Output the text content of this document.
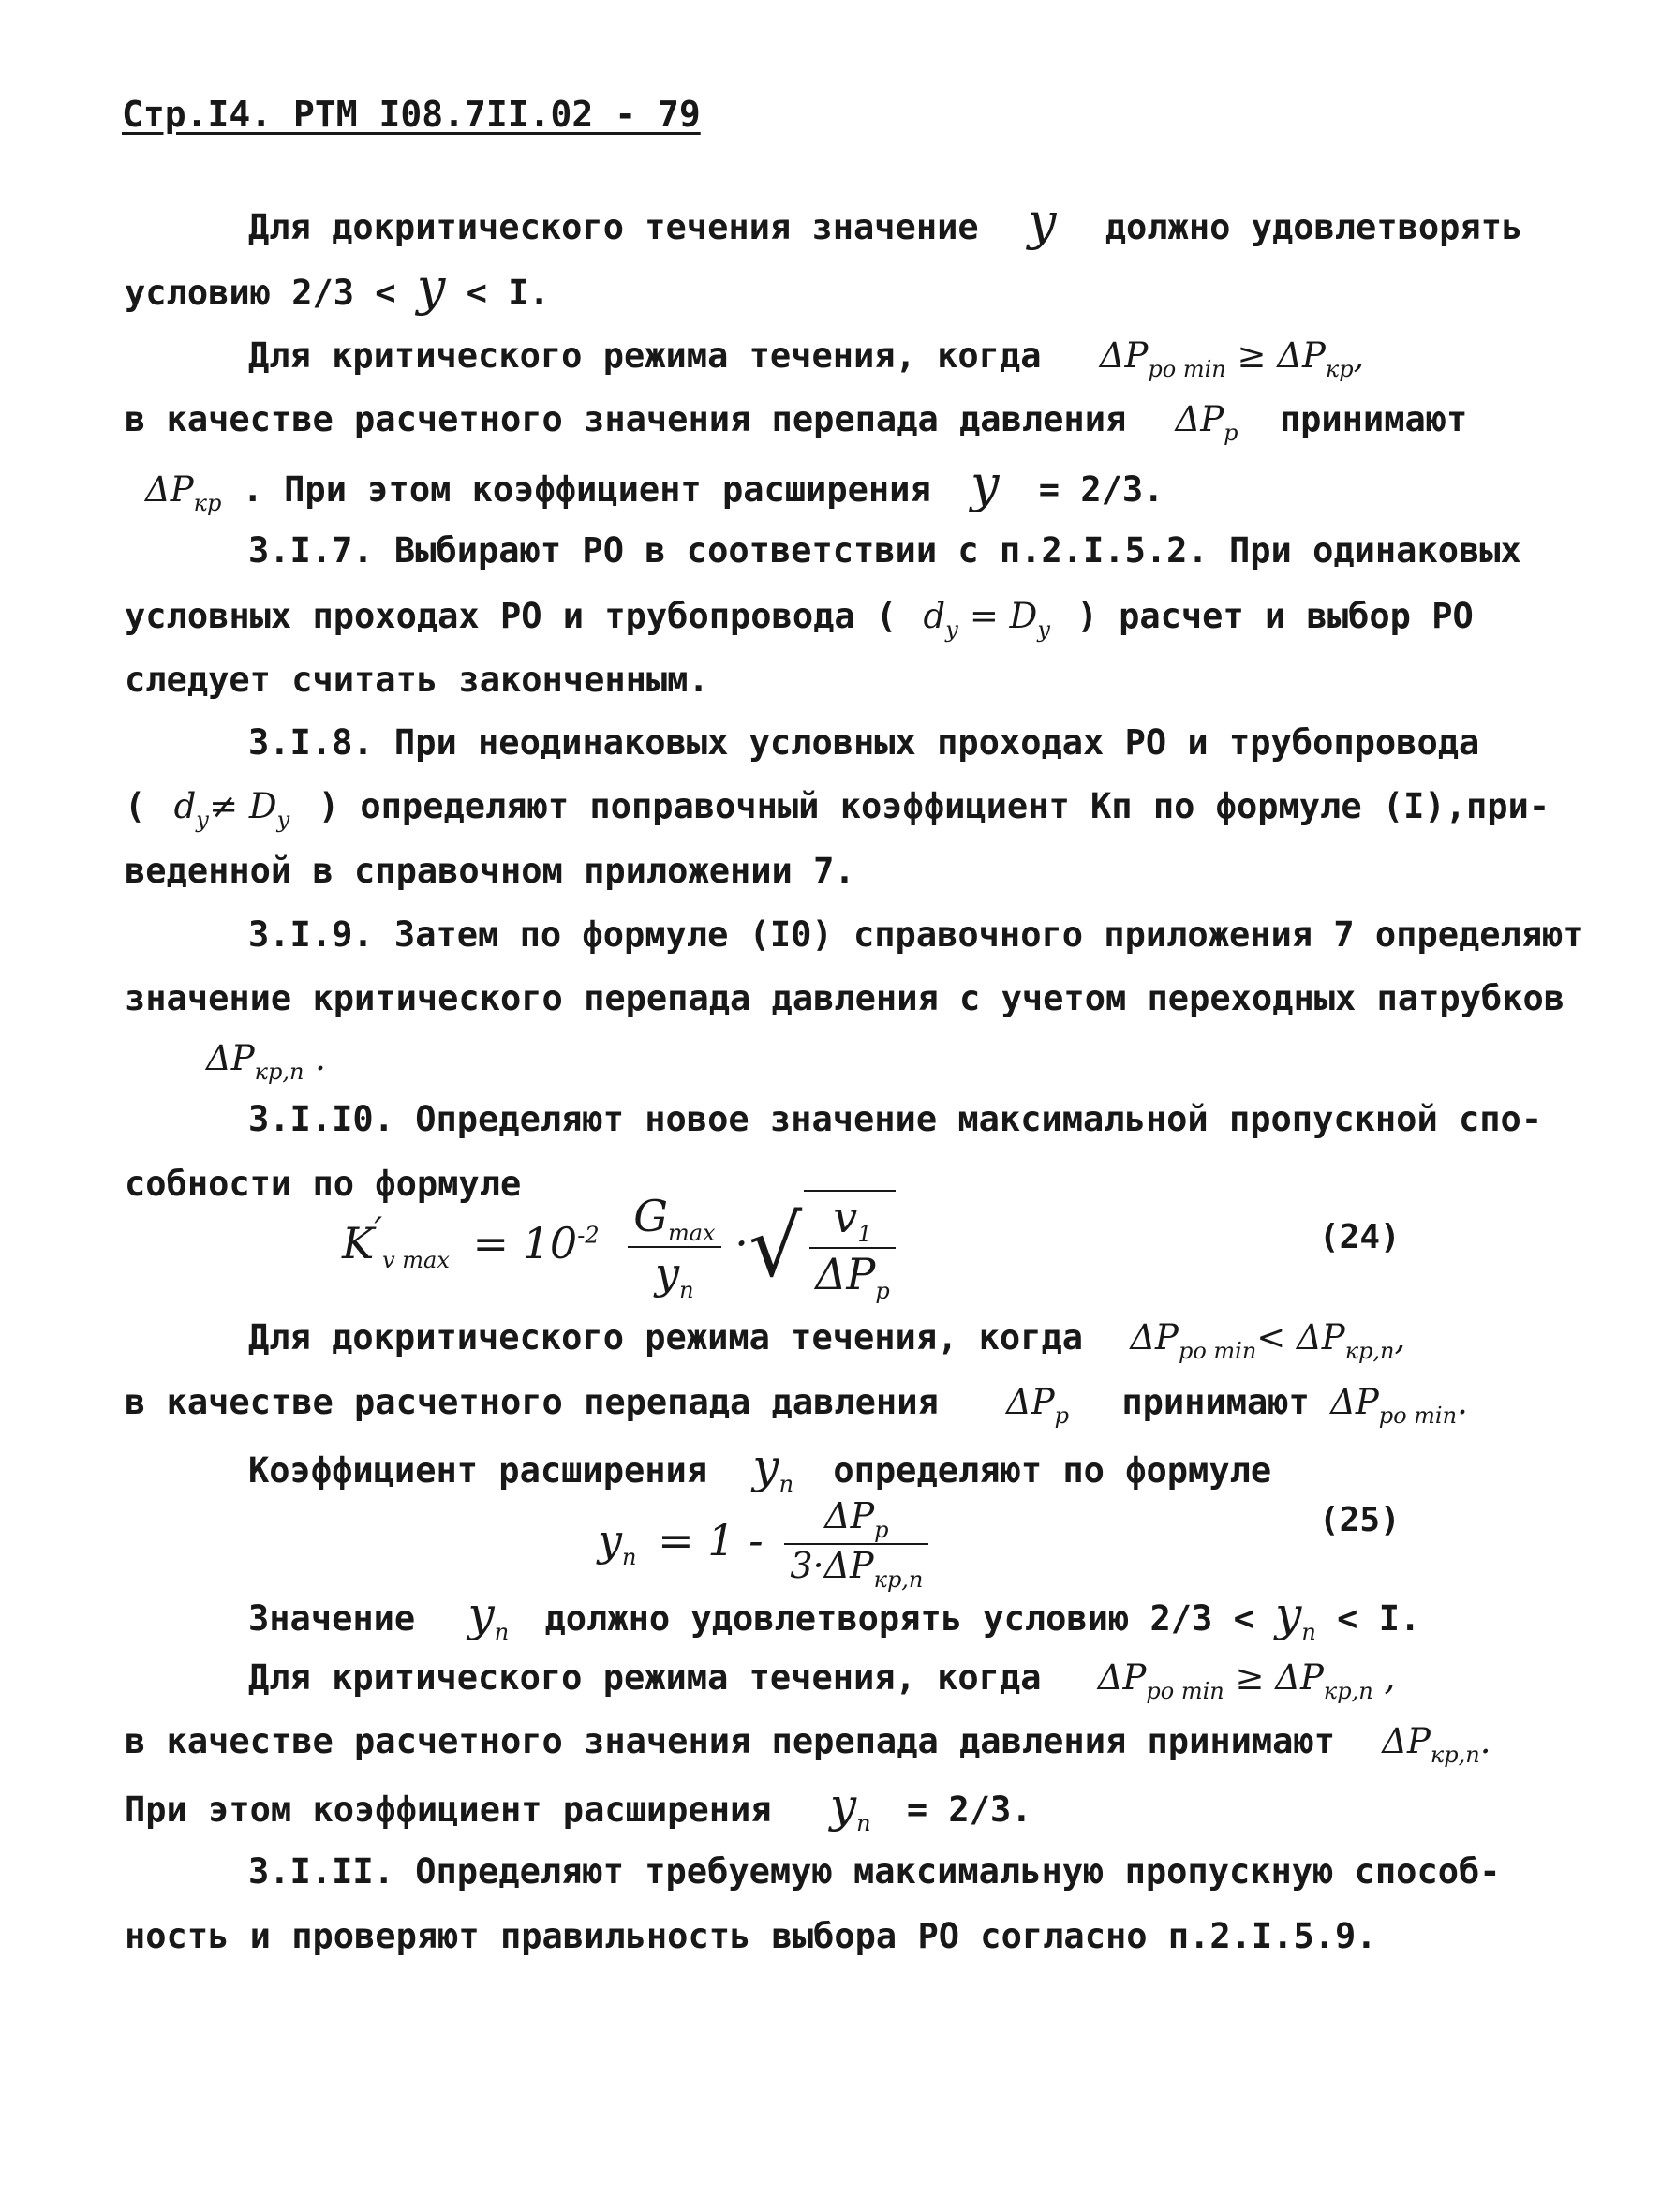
Стр.I4. РТМ I08.7II.02 - 79
Для докритического течения значение y должно удовлетворять
условию 2/3 < y < I.
Для критического режима течения, когда $\Delta P_{ро min} \ge \Delta P_{кр}$,
в качестве расчетного значения перепада давления $\Delta P_р$ принимают
$\Delta P_{кр}$ . При этом коэффициент расширения y = 2/3.
3.I.7. Выбирают РО в соответствии с п.2.I.5.2. При одинаковых
условных проходах РО и трубопровода ( $d_у = D_у$ ) расчет и выбор РО
следует считать законченным.
3.I.8. При неодинаковых условных проходах РО и трубопровода
( $d_у\ne D_у$ ) определяют поправочный коэффициент Кп по формуле (I),при-
веденной в справочном приложении 7.
3.I.9. Затем по формуле (I0) справочного приложения 7 определяют
значение критического перепада давления с учетом переходных патрубков
$\Delta P_{кр,п}$ .
3.I.I0. Определяют новое значение максимальной пропускной спо-
собности по формуле
$K'_{v max} = 10^{-2} \frac{G_{max}}{y_п}$ ·√ $\frac{v_1}{\Delta P_р}$	(24)
Для докритического режима течения, когда $\Delta P_{ро min}< \Delta P_{кр,п}$,
в качестве расчетного перепада давления $\Delta P_р$ принимают $\Delta P_{ро min}$.
Коэффициент расширения $y_п$ определяют по формуле
$y_п = 1 - \frac{\Delta P_р}{3\cdot\Delta P_{кр,п}}$	(25)
Значение $y_п$ должно удовлетворять условию $2/3 < y_п < I$.
Для критического режима течения, когда $\Delta P_{ро min} \ge \Delta P_{кр,п}$ ,
в качестве расчетного значения перепада давления принимают $\Delta P_{кр,п}$.
При этом коэффициент расширения $y_п = 2/3$.
3.I.II. Определяют требуемую максимальную пропускную способ-
ность и проверяют правильность выбора РО согласно п.2.I.5.9.
